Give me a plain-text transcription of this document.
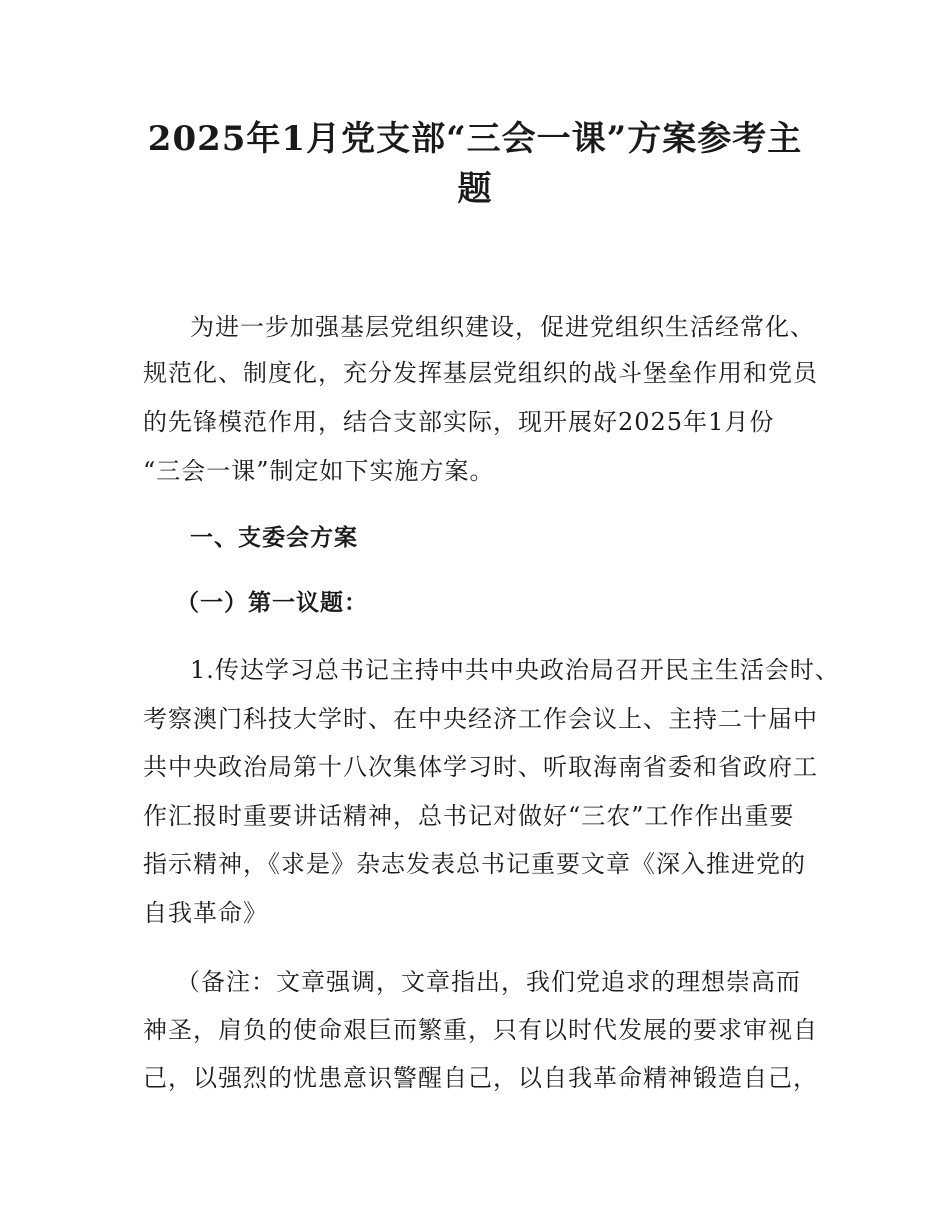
2025年1月党支部“三会一课”方案参考主
题

为进一步加强基层党组织建设，促进党组织生活经常化、

规范化、制度化，充分发挥基层党组织的战斗堡垒作用和党员

的先锋模范作用，结合支部实际，现开展好2025年1月份

“三会一课”制定如下实施方案。

一、支委会方案

（一）第一议题：

1.传达学习总书记主持中共中央政治局召开民主生活会时、

考察澳门科技大学时、在中央经济工作会议上、主持二十届中

共中央政治局第十八次集体学习时、听取海南省委和省政府工

作汇报时重要讲话精神，总书记对做好“三农”工作作出重要

指示精神，《求是》杂志发表总书记重要文章《深入推进党的

自我革命》

（备注：文章强调，文章指出，我们党追求的理想崇高而

神圣，肩负的使命艰巨而繁重，只有以时代发展的要求审视自

己，以强烈的忧患意识警醒自己，以自我革命精神锻造自己，
